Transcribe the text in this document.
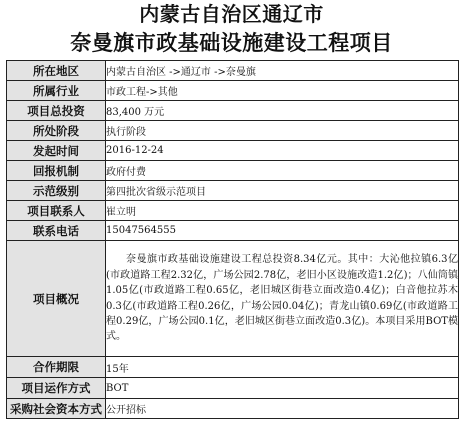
内蒙古自治区通辽市
奈曼旗市政基础设施建设工程项目
所在地区	内蒙古自治区 ->通辽市 ->奈曼旗
所属行业	市政工程->其他
项目总投资	83,400 万元
所处阶段	执行阶段
发起时间	2016-12-24
回报机制	政府付费
示范级别	第四批次省级示范项目
项目联系人	崔立明
联系电话	15047564555
项目概况	奈曼旗市政基础设施建设工程总投资8.34亿元。其中：大沁他拉镇6.3亿(市政道路工程2.32亿，广场公园2.78亿，老旧小区设施改造1.2亿)；八仙筒镇1.05亿(市政道路工程0.65亿，老旧城区街巷立面改造0.4亿)；白音他拉苏木0.3亿(市政道路工程0.26亿，广场公园0.04亿)；青龙山镇0.69亿(市政道路工程0.29亿，广场公园0.1亿，老旧城区街巷立面改造0.3亿)。本项目采用BOT模式。
合作期限	15年
项目运作方式	BOT
采购社会资本方式	公开招标
